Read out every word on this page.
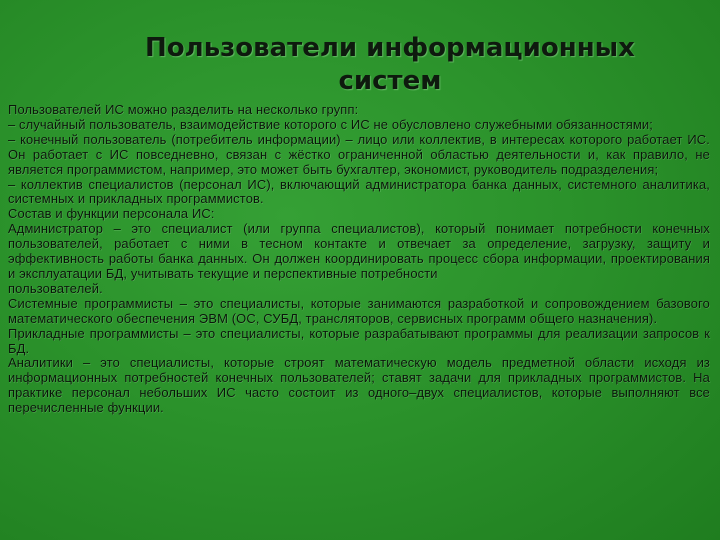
Пользователи информационных
систем

Пользователей ИС можно разделить на несколько групп:

– случайный пользователь, взаимодействие которого с ИС не обусловлено служебными обязанностями;

– конечный пользователь (потребитель информации) – лицо или коллектив, в интересах которого работает ИС. Он работает с ИС повседневно, связан с жёстко ограниченной областью деятельности и, как правило, не является программистом, например, это может быть бухгалтер, экономист, руководитель подразделения;

– коллектив специалистов (персонал ИС), включающий администратора банка данных, системного аналитика, системных и прикладных программистов.

Состав и функции персонала ИС:

Администратор – это специалист (или группа специалистов), который понимает потребности конечных пользователей, работает с ними в тесном контакте и отвечает за определение, загрузку, защиту и эффективность работы банка данных. Он должен координировать процесс сбора информации, проектирования и эксплуатации БД, учитывать текущие и перспективные потребности

пользователей.

Системные программисты – это специалисты, которые занимаются разработкой и сопровождением базового математического обеспечения ЭВМ (ОС, СУБД, трансляторов, сервисных программ общего назначения).

Прикладные программисты – это специалисты, которые разрабатывают программы для реализации запросов к БД.

Аналитики – это специалисты, которые строят математическую модель предметной области исходя из информационных потребностей конечных пользователей; ставят задачи для прикладных программистов. На практике персонал небольших ИС часто состоит из одного–двух специалистов, которые выполняют все перечисленные функции.
